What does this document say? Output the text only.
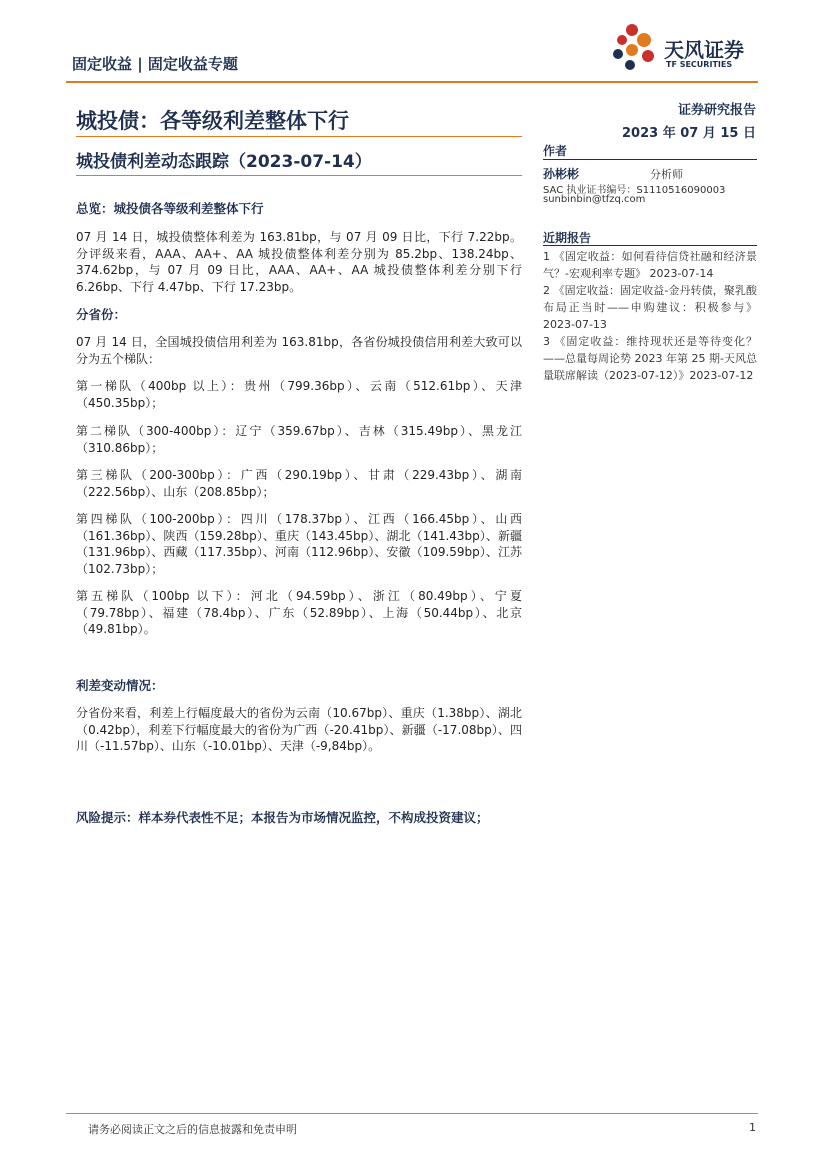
固定收益 | 固定收益专题
天风证券
TF SECURITIES
城投债：各等级利差整体下行
城投债利差动态跟踪（2023-07-14）
证券研究报告
2023 年 07 月 15 日
作者
孙彬彬	分析师
SAC 执业证书编号：S1110516090003
sunbinbin@tfzq.com
近期报告

1 《固定收益：如何看待信贷社融和经济景气？-宏观利率专题》 2023-07-14

2 《固定收益：固定收益-金丹转债，聚乳酸布局正当时——申购建议：积极参与》2023-07-13

3 《固定收益：维持现状还是等待变化？——总量每周论势 2023 年第 25 期-天风总量联席解读（2023-07-12）》2023-07-12

总览：城投债各等级利差整体下行
07 月 14 日，城投债整体利差为 163.81bp，与 07 月 09 日比，下行 7.22bp。分评级来看，AAA、AA+、AA 城投债整体利差分别为 85.2bp、138.24bp、374.62bp，与 07 月 09 日比，AAA、AA+、AA 城投债整体利差分别下行 6.26bp、下行 4.47bp、下行 17.23bp。
分省份：
07 月 14 日，全国城投债信用利差为 163.81bp，各省份城投债信用利差大致可以分为五个梯队：
第一梯队（400bp 以上）：贵州（799.36bp）、云南（512.61bp）、天津（450.35bp）；
第二梯队（300-400bp）：辽宁（359.67bp）、吉林（315.49bp）、黑龙江（310.86bp）；
第三梯队（200-300bp）：广西（290.19bp）、甘肃（229.43bp）、湖南（222.56bp）、山东（208.85bp）；
第四梯队（100-200bp）：四川（178.37bp）、江西（166.45bp）、山西（161.36bp）、陕西（159.28bp）、重庆（143.45bp）、湖北（141.43bp）、新疆（131.96bp）、西藏（117.35bp）、河南（112.96bp）、安徽（109.59bp）、江苏（102.73bp）；
第五梯队（100bp 以下）：河北（94.59bp）、浙江（80.49bp）、宁夏（79.78bp）、福建（78.4bp）、广东（52.89bp）、上海（50.44bp）、北京（49.81bp）。
利差变动情况：
分省份来看，利差上行幅度最大的省份为云南（10.67bp）、重庆（1.38bp）、湖北（0.42bp），利差下行幅度最大的省份为广西（-20.41bp）、新疆（-17.08bp）、四川（-11.57bp）、山东（-10.01bp）、天津（-9,84bp）。
风险提示：样本券代表性不足；本报告为市场情况监控，不构成投资建议；
请务必阅读正文之后的信息披露和免责申明	1
